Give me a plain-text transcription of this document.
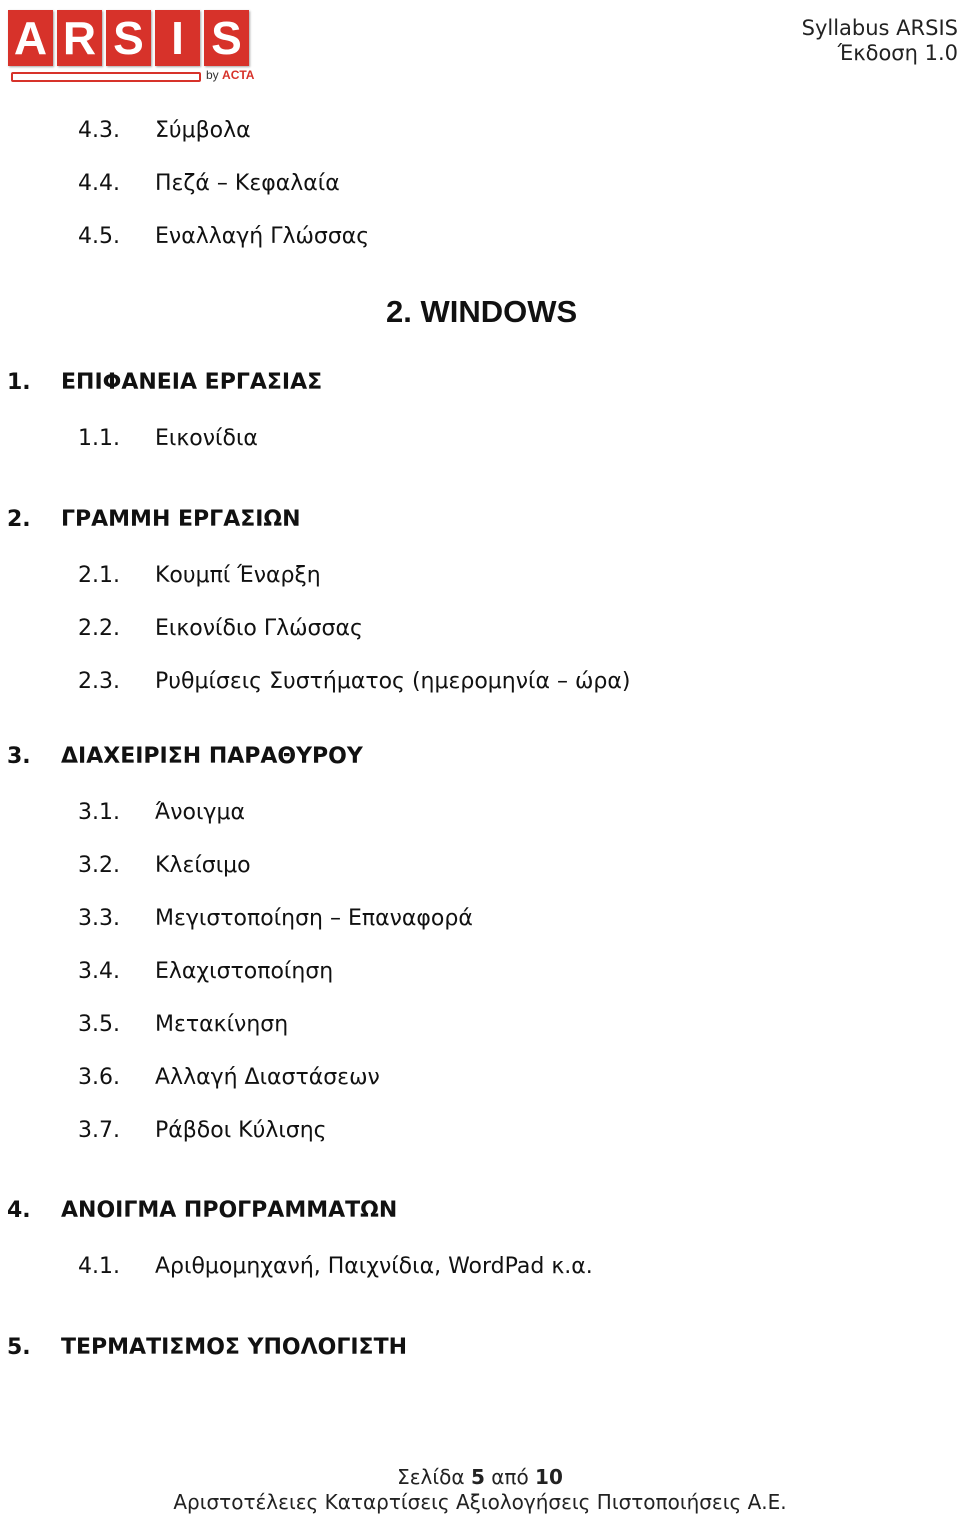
A R S I S
by ACTA
Syllabus ARSIS
Έκδοση 1.0
4.3. Σύμβολα
4.4. Πεζά – Κεφαλαία
4.5. Εναλλαγή Γλώσσας
2. WINDOWS
1. ΕΠΙΦΑΝΕΙΑ ΕΡΓΑΣΙΑΣ
1.1. Εικονίδια
2. ΓΡΑΜΜΗ ΕΡΓΑΣΙΩΝ
2.1. Κουμπί Έναρξη
2.2. Εικονίδιο Γλώσσας
2.3. Ρυθμίσεις Συστήματος (ημερομηνία – ώρα)
3. ΔΙΑΧΕΙΡΙΣΗ ΠΑΡΑΘΥΡΟΥ
3.1. Άνοιγμα
3.2. Κλείσιμο
3.3. Μεγιστοποίηση – Επαναφορά
3.4. Ελαχιστοποίηση
3.5. Μετακίνηση
3.6. Αλλαγή Διαστάσεων
3.7. Ράβδοι Κύλισης
4. ΑΝΟΙΓΜΑ ΠΡΟΓΡΑΜΜΑΤΩΝ
4.1. Αριθμομηχανή, Παιχνίδια, WordPad κ.α.
5. ΤΕΡΜΑΤΙΣΜΟΣ ΥΠΟΛΟΓΙΣΤΗ
Σελίδα 5 από 10
Αριστοτέλειες Καταρτίσεις Αξιολογήσεις Πιστοποιήσεις Α.Ε.
